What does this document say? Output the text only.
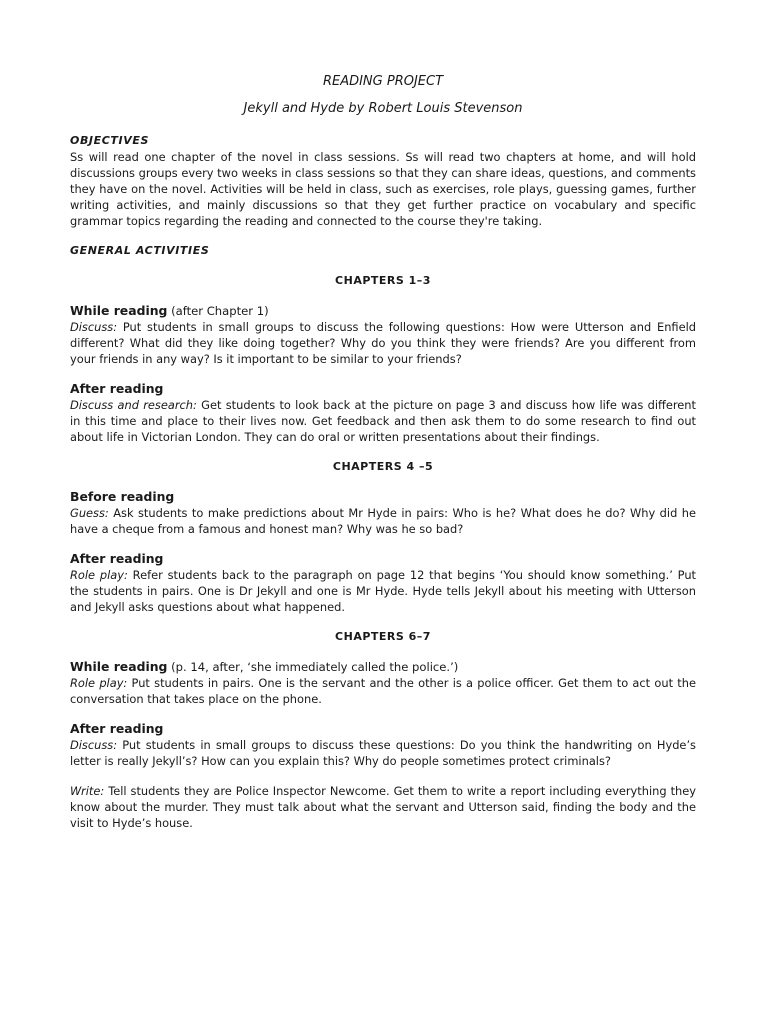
READING PROJECT
Jekyll and Hyde by Robert Louis Stevenson
OBJECTIVES

Ss will read one chapter of the novel in class sessions. Ss will read two chapters at home, and will hold discussions groups every two weeks in class sessions so that they can share ideas, questions, and comments they have on the novel. Activities will be held in class, such as exercises, role plays, guessing games, further writing activities, and mainly discussions so that they get further practice on vocabulary and specific grammar topics regarding the reading and connected to the course they're taking.

GENERAL ACTIVITIES
CHAPTERS 1–3
While reading (after Chapter 1)

Discuss: Put students in small groups to discuss the following questions: How were Utterson and Enfield different? What did they like doing together? Why do you think they were friends? Are you different from your friends in any way? Is it important to be similar to your friends?

After reading

Discuss and research: Get students to look back at the picture on page 3 and discuss how life was different in this time and place to their lives now. Get feedback and then ask them to do some research to find out about life in Victorian London. They can do oral or written presentations about their findings.

CHAPTERS 4 –5
Before reading

Guess: Ask students to make predictions about Mr Hyde in pairs: Who is he? What does he do? Why did he have a cheque from a famous and honest man? Why was he so bad?

After reading

Role play: Refer students back to the paragraph on page 12 that begins ‘You should know something.’ Put the students in pairs. One is Dr Jekyll and one is Mr Hyde. Hyde tells Jekyll about his meeting with Utterson and Jekyll asks questions about what happened.

CHAPTERS 6–7
While reading (p. 14, after, ‘she immediately called the police.’)

Role play: Put students in pairs. One is the servant and the other is a police officer. Get them to act out the conversation that takes place on the phone.

After reading

Discuss: Put students in small groups to discuss these questions: Do you think the handwriting on Hyde’s letter is really Jekyll’s? How can you explain this? Why do people sometimes protect criminals?

Write: Tell students they are Police Inspector Newcome. Get them to write a report including everything they know about the murder. They must talk about what the servant and Utterson said, finding the body and the visit to Hyde’s house.
